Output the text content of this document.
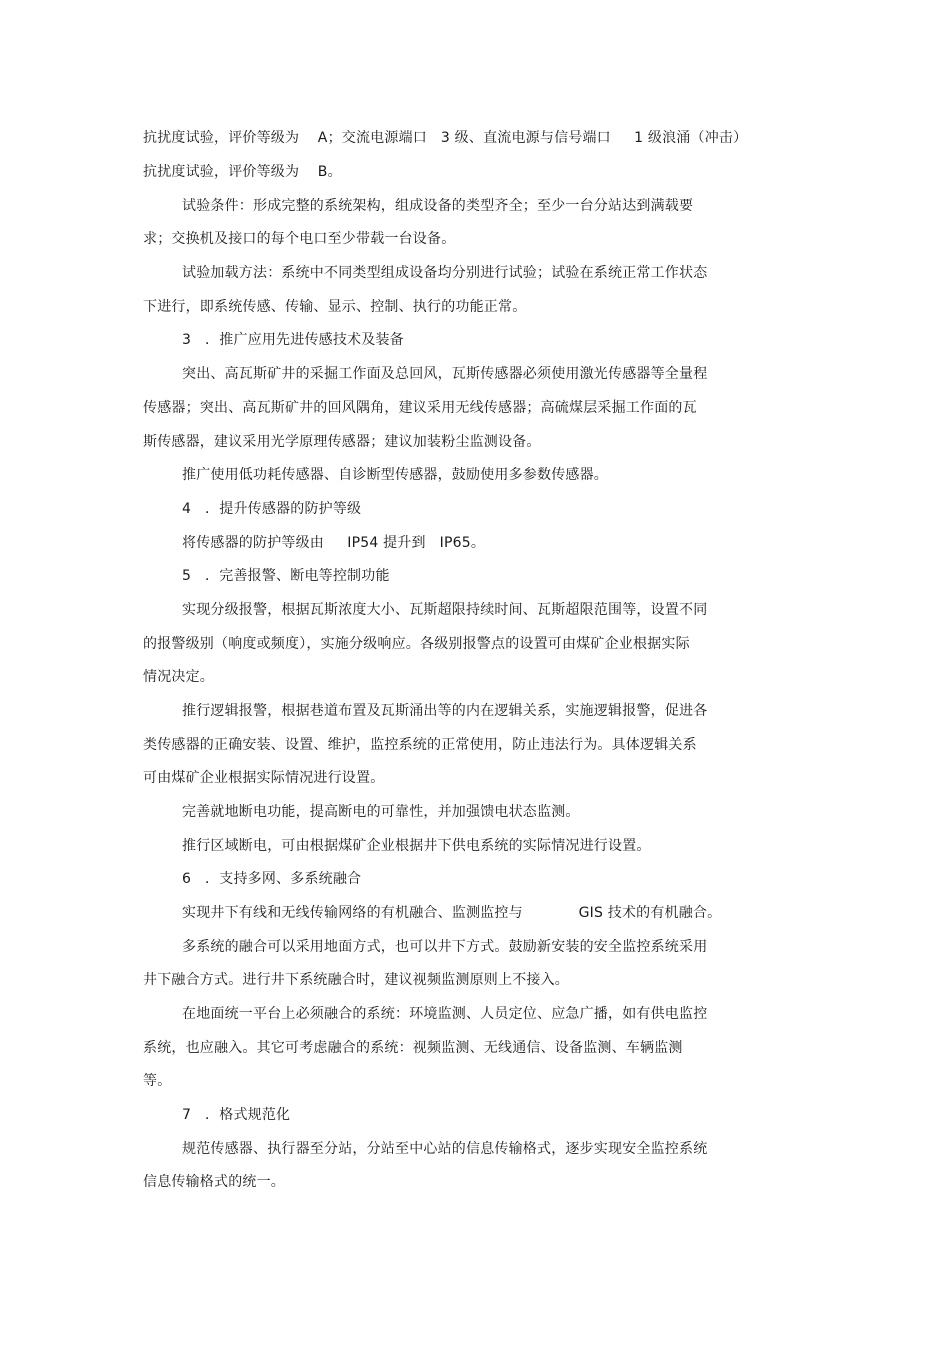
抗扰度试验，评价等级为    A；交流电源端口   3 级、直流电源与信号端口     1 级浪涌（冲击）
抗扰度试验，评价等级为    B。
试验条件：形成完整的系统架构，组成设备的类型齐全；至少一台分站达到满载要
求；交换机及接口的每个电口至少带载一台设备。
试验加载方法：系统中不同类型组成设备均分别进行试验；试验在系统正常工作状态
下进行，即系统传感、传输、显示、控制、执行的功能正常。
3   ．推广应用先进传感技术及装备
突出、高瓦斯矿井的采掘工作面及总回风，瓦斯传感器必须使用激光传感器等全量程
传感器；突出、高瓦斯矿井的回风隅角，建议采用无线传感器；高硫煤层采掘工作面的瓦
斯传感器，建议采用光学原理传感器；建议加装粉尘监测设备。
推广使用低功耗传感器、自诊断型传感器，鼓励使用多参数传感器。
4   ．提升传感器的防护等级
将传感器的防护等级由     IP54 提升到   IP65。
5   ．完善报警、断电等控制功能
实现分级报警，根据瓦斯浓度大小、瓦斯超限持续时间、瓦斯超限范围等，设置不同
的报警级别（响度或频度），实施分级响应。各级别报警点的设置可由煤矿企业根据实际
情况决定。
推行逻辑报警，根据巷道布置及瓦斯涌出等的内在逻辑关系，实施逻辑报警，促进各
类传感器的正确安装、设置、维护，监控系统的正常使用，防止违法行为。具体逻辑关系
可由煤矿企业根据实际情况进行设置。
完善就地断电功能，提高断电的可靠性，并加强馈电状态监测。
推行区域断电，可由根据煤矿企业根据井下供电系统的实际情况进行设置。
6   ．支持多网、多系统融合
实现井下有线和无线传输网络的有机融合、监测监控与            GIS 技术的有机融合。
多系统的融合可以采用地面方式，也可以井下方式。鼓励新安装的安全监控系统采用
井下融合方式。进行井下系统融合时，建议视频监测原则上不接入。
在地面统一平台上必须融合的系统：环境监测、人员定位、应急广播，如有供电监控
系统，也应融入。其它可考虑融合的系统：视频监测、无线通信、设备监测、车辆监测
等。
7   ．格式规范化
规范传感器、执行器至分站，分站至中心站的信息传输格式，逐步实现安全监控系统
信息传输格式的统一。
